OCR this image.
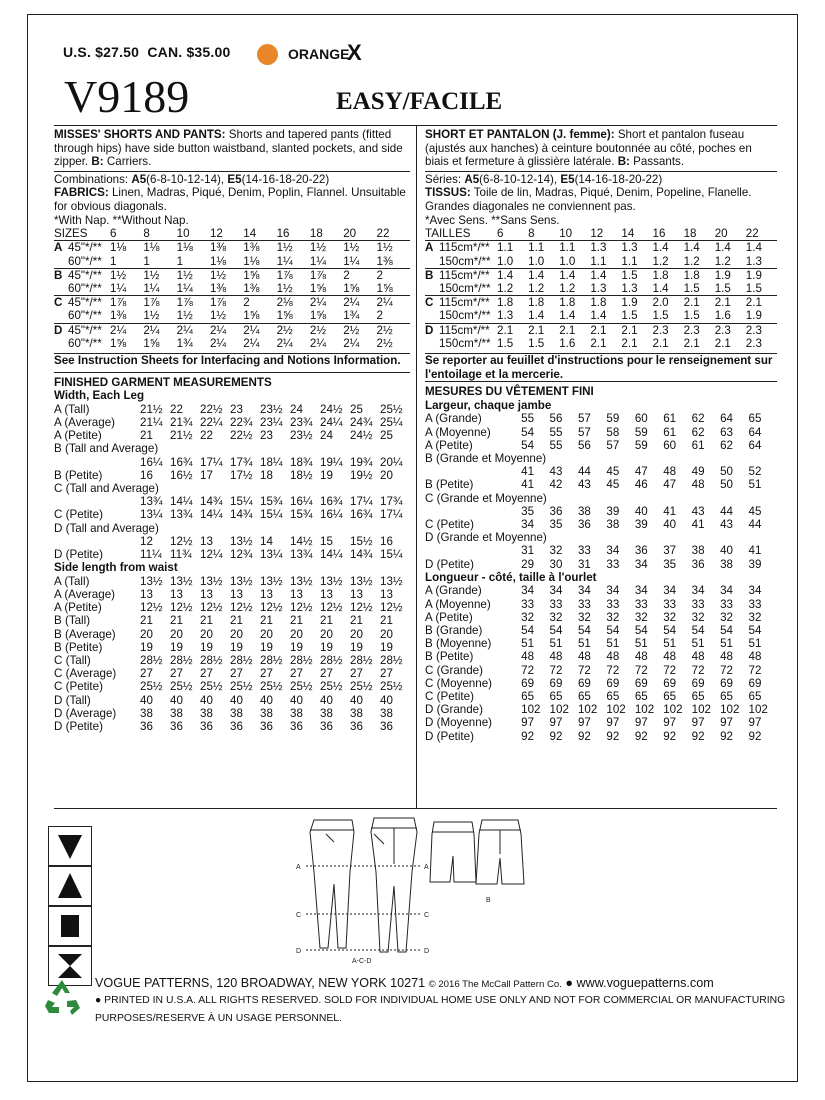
U.S. $27.50 CAN. $35.00	ORANGE
X
V9189	EASY/FACILE

MISSES' SHORTS AND PANTS: Shorts and tapered pants (fitted through hips) have side button waistband, slanted pockets, and side zipper. B: Carriers.

Combinations: A5(6-8-10-12-14), E5(14-16-18-20-22)

FABRICS: Linen, Madras, Piqué, Denim, Poplin, Flannel. Unsuitable for obvious diagonals.

*With Nap. **Without Nap.

SIZES		6	8	10	12	14	16	18	20	22
A	45"*/**	1⅛	1⅛	1⅛	1⅜	1⅜	1½	1½	1½	1½
	60"*/**	1	1	1	1⅛	1⅛	1¼	1¼	1¼	1⅜
B	45"*/**	1½	1½	1½	1½	1⅝	1⅞	1⅞	2	2
	60"*/**	1¼	1¼	1¼	1⅜	1⅜	1½	1⅝	1⅝	1⅝
C	45"*/**	1⅞	1⅞	1⅞	1⅞	2	2⅛	2¼	2¼	2¼
	60"*/**	1⅜	1½	1½	1½	1⅝	1⅝	1⅝	1¾	2
D	45"*/**	2¼	2¼	2¼	2¼	2¼	2½	2½	2½	2½
	60"*/**	1⅝	1⅝	1¾	2¼	2¼	2¼	2¼	2¼	2½

See Instruction Sheets for Interfacing and Notions Information.

FINISHED GARMENT MEASUREMENTS

Width, Each Leg

A (Tall)	21½	22	22½	23	23½	24	24½	25	25½
A (Average)	21¼	21¾	22¼	22¾	23¼	23¾	24¼	24¾	25¼
A (Petite)	21	21½	22	22½	23	23½	24	24½	25
B (Tall and Average)									
	16¼	16¾	17¼	17¾	18¼	18¾	19¼	19¾	20¼
B (Petite)	16	16½	17	17½	18	18½	19	19½	20
C (Tall and Average)									
	13¾	14¼	14¾	15¼	15¾	16¼	16¾	17¼	17¾
C (Petite)	13¼	13¾	14¼	14¾	15¼	15¾	16¼	16¾	17¼
D (Tall and Average)									
	12	12½	13	13½	14	14½	15	15½	16
D (Petite)	11¼	11¾	12¼	12¾	13¼	13¾	14¼	14¾	15¼

Side length from waist

A (Tall)	13½	13½	13½	13½	13½	13½	13½	13½	13½
A (Average)	13	13	13	13	13	13	13	13	13
A (Petite)	12½	12½	12½	12½	12½	12½	12½	12½	12½
B (Tall)	21	21	21	21	21	21	21	21	21
B (Average)	20	20	20	20	20	20	20	20	20
B (Petite)	19	19	19	19	19	19	19	19	19
C (Tall)	28½	28½	28½	28½	28½	28½	28½	28½	28½
C (Average)	27	27	27	27	27	27	27	27	27
C (Petite)	25½	25½	25½	25½	25½	25½	25½	25½	25½
D (Tall)	40	40	40	40	40	40	40	40	40
D (Average)	38	38	38	38	38	38	38	38	38
D (Petite)	36	36	36	36	36	36	36	36	36

SHORT ET PANTALON (J. femme): Short et pantalon fuseau (ajustés aux hanches) à ceinture boutonnée au côté, poches en biais et fermeture à glissière latérale. B: Passants.

Séries: A5(6-8-10-12-14), E5(14-16-18-20-22)

TISSUS: Toile de lin, Madras, Piqué, Denim, Popeline, Flanelle. Grandes diagonales ne conviennent pas.

*Avec Sens. **Sans Sens.

TAILLES		6	8	10	12	14	16	18	20	22
A	115cm*/**	1.1	1.1	1.1	1.3	1.3	1.4	1.4	1.4	1.4
	150cm*/**	1.0	1.0	1.0	1.1	1.1	1.2	1.2	1.2	1.3
B	115cm*/**	1.4	1.4	1.4	1.4	1.5	1.8	1.8	1.9	1.9
	150cm*/**	1.2	1.2	1.2	1.3	1.3	1.4	1.5	1.5	1.5
C	115cm*/**	1.8	1.8	1.8	1.8	1.9	2.0	2.1	2.1	2.1
	150cm*/**	1.3	1.4	1.4	1.4	1.5	1.5	1.5	1.6	1.9
D	115cm*/**	2.1	2.1	2.1	2.1	2.1	2.3	2.3	2.3	2.3
	150cm*/**	1.5	1.5	1.6	2.1	2.1	2.1	2.1	2.1	2.3

Se reporter au feuillet d'instructions pour le renseignement sur l'entoilage et la mercerie.

MESURES DU VÊTEMENT FINI

Largeur, chaque jambe

A (Grande)	55	56	57	59	60	61	62	64	65
A (Moyenne)	54	55	57	58	59	61	62	63	64
A (Petite)	54	55	56	57	59	60	61	62	64
B (Grande et Moyenne)									
	41	43	44	45	47	48	49	50	52
B (Petite)	41	42	43	45	46	47	48	50	51
C (Grande et Moyenne)									
	35	36	38	39	40	41	43	44	45
C (Petite)	34	35	36	38	39	40	41	43	44
D (Grande et Moyenne)									
	31	32	33	34	36	37	38	40	41
D (Petite)	29	30	31	33	34	35	36	38	39

Longueur - côté, taille à l'ourlet

A (Grande)	34	34	34	34	34	34	34	34	34
A (Moyenne)	33	33	33	33	33	33	33	33	33
A (Petite)	32	32	32	32	32	32	32	32	32
B (Grande)	54	54	54	54	54	54	54	54	54
B (Moyenne)	51	51	51	51	51	51	51	51	51
B (Petite)	48	48	48	48	48	48	48	48	48
C (Grande)	72	72	72	72	72	72	72	72	72
C (Moyenne)	69	69	69	69	69	69	69	69	69
C (Petite)	65	65	65	65	65	65	65	65	65
D (Grande)	102	102	102	102	102	102	102	102	102
D (Moyenne)	97	97	97	97	97	97	97	97	97
D (Petite)	92	92	92	92	92	92	92	92	92
A
C
D
A
C
D
A-C-D
B
VOGUE PATTERNS, 120 BROADWAY, NEW YORK 10271 © 2016 The McCall Pattern Co. ● www.voguepatterns.com
● PRINTED IN U.S.A. ALL RIGHTS RESERVED. SOLD FOR INDIVIDUAL HOME USE ONLY AND NOT FOR COMMERCIAL OR MANUFACTURING
PURPOSES/RESERVE À UN USAGE PERSONNEL.
